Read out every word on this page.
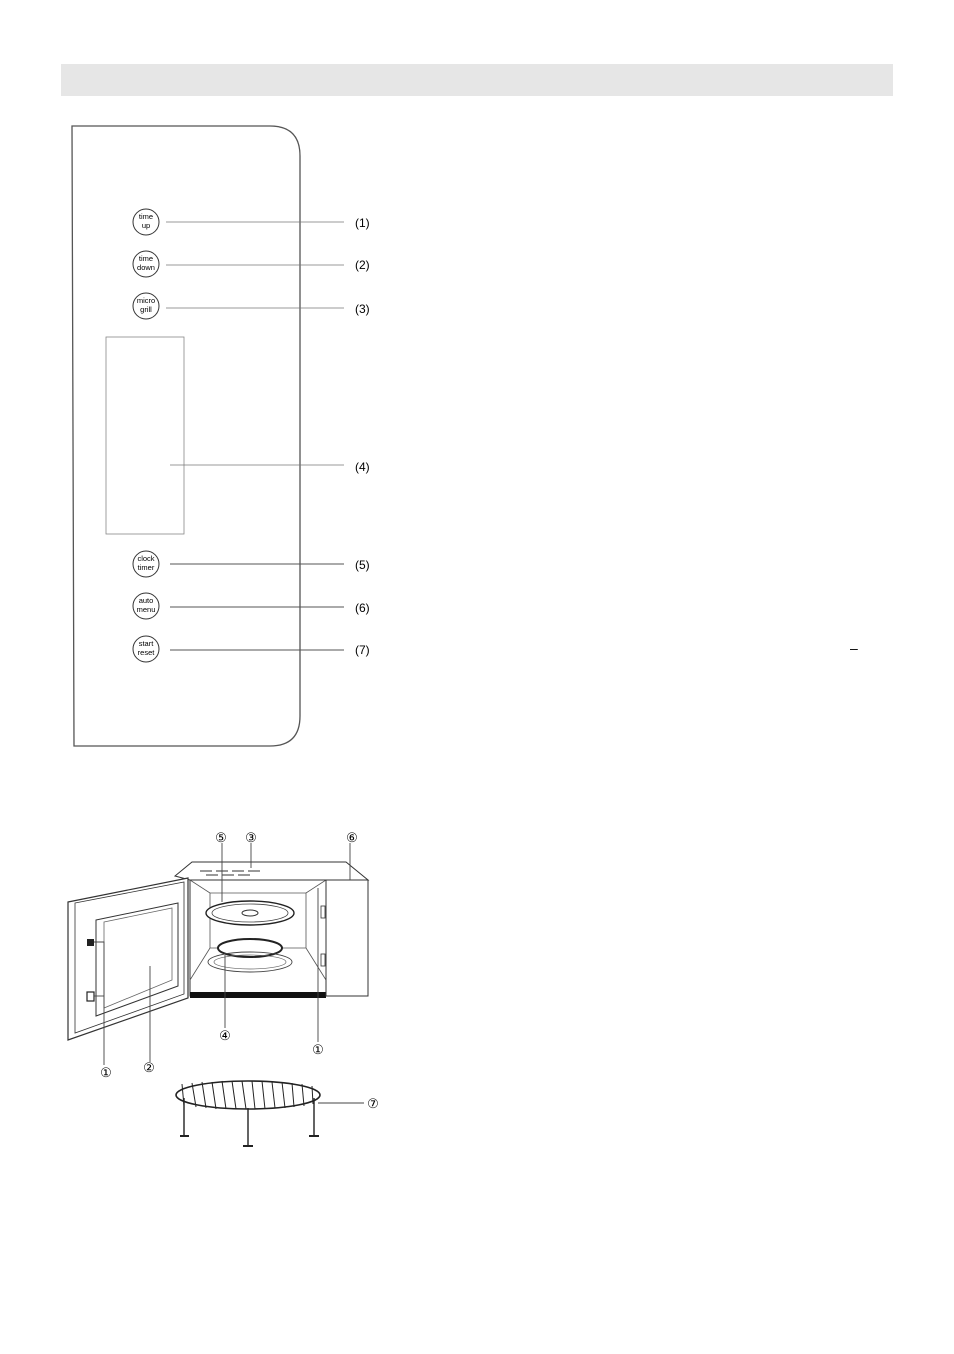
time
up	(1)
time
down	(2)
micro
grill	(3)
(4)
clock
timer	(5)
auto
menu	(6)
start
reset	(7)
⑤ ③	⑥
④
①
① ②
⑦
–
